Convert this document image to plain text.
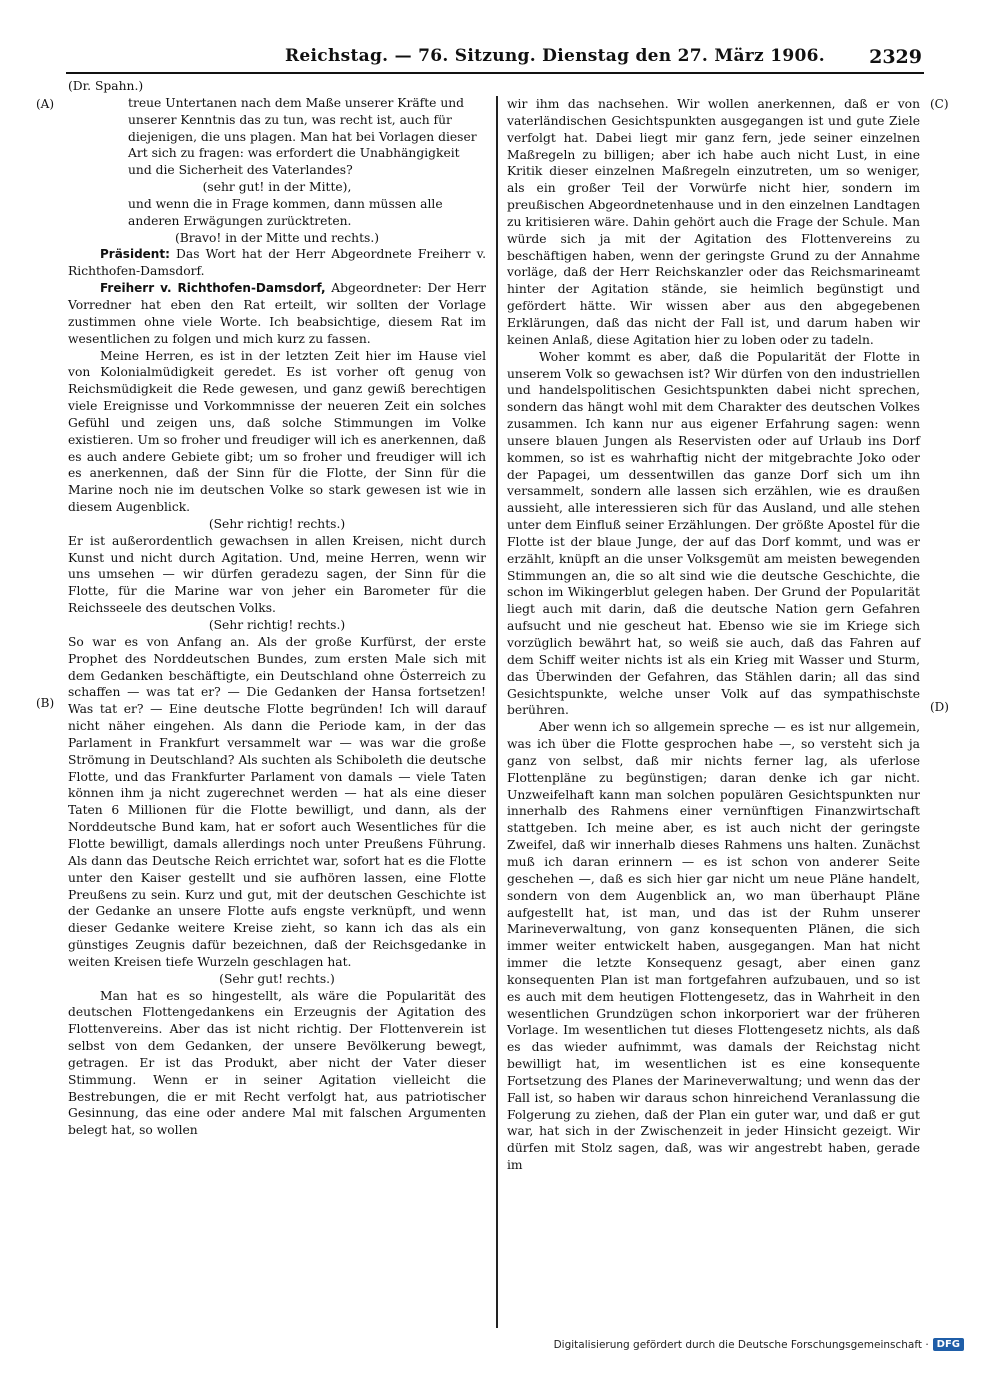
Reichstag. — 76. Sitzung. Dienstag den 27. März 1906. 2329
(A)
(B)
(C)
(D)

(Dr. Spahn.)

treue Untertanen nach dem Maße unserer Kräfte und unserer Kenntnis das zu tun, was recht ist, auch für diejenigen, die uns plagen. Man hat bei Vorlagen dieser Art sich zu fragen: was erfordert die Unabhängigkeit und die Sicherheit des Vaterlandes?

(sehr gut! in der Mitte),

und wenn die in Frage kommen, dann müssen alle anderen Erwägungen zurücktreten.

(Bravo! in der Mitte und rechts.)

Präsident: Das Wort hat der Herr Abgeordnete Freiherr v. Richthofen-Damsdorf.

Freiherr v. Richthofen-Damsdorf, Abgeordneter: Der Herr Vorredner hat eben den Rat erteilt, wir sollten der Vorlage zustimmen ohne viele Worte. Ich beabsichtige, diesem Rat im wesentlichen zu folgen und mich kurz zu fassen.

Meine Herren, es ist in der letzten Zeit hier im Hause viel von Kolonialmüdigkeit geredet. Es ist vorher oft genug von Reichsmüdigkeit die Rede gewesen, und ganz gewiß berechtigen viele Ereignisse und Vorkommnisse der neueren Zeit ein solches Gefühl und zeigen uns, daß solche Stimmungen im Volke existieren. Um so froher und freudiger will ich es anerkennen, daß es auch andere Gebiete gibt; um so froher und freudiger will ich es anerkennen, daß der Sinn für die Flotte, der Sinn für die Marine noch nie im deutschen Volke so stark gewesen ist wie in diesem Augenblick.

(Sehr richtig! rechts.)

Er ist außerordentlich gewachsen in allen Kreisen, nicht durch Kunst und nicht durch Agitation. Und, meine Herren, wenn wir uns umsehen — wir dürfen geradezu sagen, der Sinn für die Flotte, für die Marine war von jeher ein Barometer für die Reichsseele des deutschen Volks.

(Sehr richtig! rechts.)

So war es von Anfang an. Als der große Kurfürst, der erste Prophet des Norddeutschen Bundes, zum ersten Male sich mit dem Gedanken beschäftigte, ein Deutschland ohne Österreich zu schaffen — was tat er? — Die Gedanken der Hansa fortsetzen! Was tat er? — Eine deutsche Flotte begründen! Ich will darauf nicht näher eingehen. Als dann die Periode kam, in der das Parlament in Frankfurt versammelt war — was war die große Strömung in Deutschland? Als suchten als Schiboleth die deutsche Flotte, und das Frankfurter Parlament von damals — viele Taten können ihm ja nicht zugerechnet werden — hat als eine dieser Taten 6 Millionen für die Flotte bewilligt, und dann, als der Norddeutsche Bund kam, hat er sofort auch Wesentliches für die Flotte bewilligt, damals allerdings noch unter Preußens Führung. Als dann das Deutsche Reich errichtet war, sofort hat es die Flotte unter den Kaiser gestellt und sie aufhören lassen, eine Flotte Preußens zu sein. Kurz und gut, mit der deutschen Geschichte ist der Gedanke an unsere Flotte aufs engste verknüpft, und wenn dieser Gedanke weitere Kreise zieht, so kann ich das als ein günstiges Zeugnis dafür bezeichnen, daß der Reichsgedanke in weiten Kreisen tiefe Wurzeln geschlagen hat.

(Sehr gut! rechts.)

Man hat es so hingestellt, als wäre die Popularität des deutschen Flottengedankens ein Erzeugnis der Agitation des Flottenvereins. Aber das ist nicht richtig. Der Flottenverein ist selbst von dem Gedanken, der unsere Bevölkerung bewegt, getragen. Er ist das Produkt, aber nicht der Vater dieser Stimmung. Wenn er in seiner Agitation vielleicht die Bestrebungen, die er mit Recht verfolgt hat, aus patriotischer Gesinnung, das eine oder andere Mal mit falschen Argumenten belegt hat, so wollen

wir ihm das nachsehen. Wir wollen anerkennen, daß er von vaterländischen Gesichtspunkten ausgegangen ist und gute Ziele verfolgt hat. Dabei liegt mir ganz fern, jede seiner einzelnen Maßregeln zu billigen; aber ich habe auch nicht Lust, in eine Kritik dieser einzelnen Maßregeln einzutreten, um so weniger, als ein großer Teil der Vorwürfe nicht hier, sondern im preußischen Abgeordnetenhause und in den einzelnen Landtagen zu kritisieren wäre. Dahin gehört auch die Frage der Schule. Man würde sich ja mit der Agitation des Flottenvereins zu beschäftigen haben, wenn der geringste Grund zu der Annahme vorläge, daß der Herr Reichskanzler oder das Reichsmarineamt hinter der Agitation stände, sie heimlich begünstigt und gefördert hätte. Wir wissen aber aus den abgegebenen Erklärungen, daß das nicht der Fall ist, und darum haben wir keinen Anlaß, diese Agitation hier zu loben oder zu tadeln.

Woher kommt es aber, daß die Popularität der Flotte in unserem Volk so gewachsen ist? Wir dürfen von den industriellen und handelspolitischen Gesichtspunkten dabei nicht sprechen, sondern das hängt wohl mit dem Charakter des deutschen Volkes zusammen. Ich kann nur aus eigener Erfahrung sagen: wenn unsere blauen Jungen als Reservisten oder auf Urlaub ins Dorf kommen, so ist es wahrhaftig nicht der mitgebrachte Joko oder der Papagei, um dessentwillen das ganze Dorf sich um ihn versammelt, sondern alle lassen sich erzählen, wie es draußen aussieht, alle interessieren sich für das Ausland, und alle stehen unter dem Einfluß seiner Erzählungen. Der größte Apostel für die Flotte ist der blaue Junge, der auf das Dorf kommt, und was er erzählt, knüpft an die unser Volksgemüt am meisten bewegenden Stimmungen an, die so alt sind wie die deutsche Geschichte, die schon im Wikingerblut gelegen haben. Der Grund der Popularität liegt auch mit darin, daß die deutsche Nation gern Gefahren aufsucht und nie gescheut hat. Ebenso wie sie im Kriege sich vorzüglich bewährt hat, so weiß sie auch, daß das Fahren auf dem Schiff weiter nichts ist als ein Krieg mit Wasser und Sturm, das Überwinden der Gefahren, das Stählen darin; all das sind Gesichtspunkte, welche unser Volk auf das sympathischste berühren.

Aber wenn ich so allgemein spreche — es ist nur allgemein, was ich über die Flotte gesprochen habe —, so versteht sich ja ganz von selbst, daß mir nichts ferner lag, als uferlose Flottenpläne zu begünstigen; daran denke ich gar nicht. Unzweifelhaft kann man solchen populären Gesichtspunkten nur innerhalb des Rahmens einer vernünftigen Finanzwirtschaft stattgeben. Ich meine aber, es ist auch nicht der geringste Zweifel, daß wir innerhalb dieses Rahmens uns halten. Zunächst muß ich daran erinnern — es ist schon von anderer Seite geschehen —, daß es sich hier gar nicht um neue Pläne handelt, sondern von dem Augenblick an, wo man überhaupt Pläne aufgestellt hat, ist man, und das ist der Ruhm unserer Marineverwaltung, von ganz konsequenten Plänen, die sich immer weiter entwickelt haben, ausgegangen. Man hat nicht immer die letzte Konsequenz gesagt, aber einen ganz konsequenten Plan ist man fortgefahren aufzubauen, und so ist es auch mit dem heutigen Flottengesetz, das in Wahrheit in den wesentlichen Grundzügen schon inkorporiert war der früheren Vorlage. Im wesentlichen tut dieses Flottengesetz nichts, als daß es das wieder aufnimmt, was damals der Reichstag nicht bewilligt hat, im wesentlichen ist es eine konsequente Fortsetzung des Planes der Marineverwaltung; und wenn das der Fall ist, so haben wir daraus schon hinreichend Veranlassung die Folgerung zu ziehen, daß der Plan ein guter war, und daß er gut war, hat sich in der Zwischenzeit in jeder Hinsicht gezeigt. Wir dürfen mit Stolz sagen, daß, was wir angestrebt haben, gerade im

Digitalisierung gefördert durch die Deutsche Forschungsgemeinschaft · DFG
